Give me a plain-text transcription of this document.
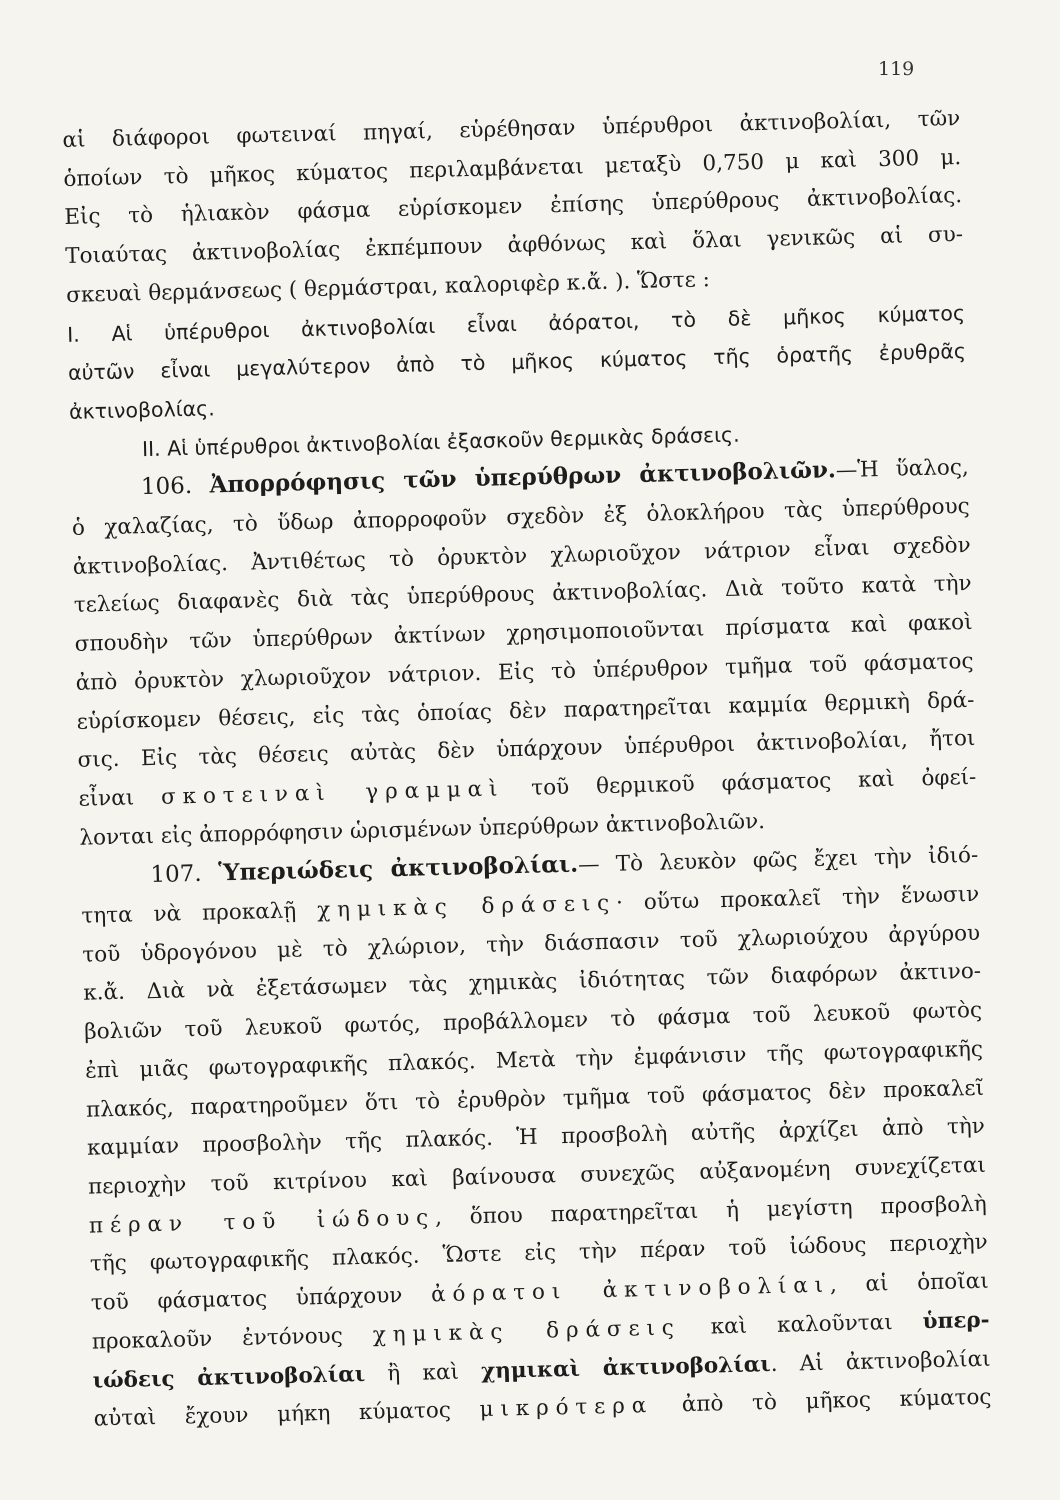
119
αἱ διάφοροι φωτειναί πηγαί, εὑρέθησαν ὑπέρυθροι ἀκτινοβολίαι, τῶν
ὁποίων τὸ μῆκος κύματος περιλαμβάνεται μεταξὺ 0,750 μ καὶ 300 μ.
Εἰς τὸ ἡλιακὸν φάσμα εὑρίσκομεν ἐπίσης ὑπερύθρους ἀκτινοβολίας.
Τοιαύτας ἀκτινοβολίας ἐκπέμπουν ἀφθόνως καὶ ὅλαι γενικῶς αἱ συ-
σκευαὶ θερμάνσεως ( θερμάστραι, καλοριφὲρ κ.ἄ. ). Ὥστε :
I. Αἱ ὑπέρυθροι ἀκτινοβολίαι εἶναι ἀόρατοι, τὸ δὲ μῆκος κύματος
αὐτῶν εἶναι μεγαλύτερον ἀπὸ τὸ μῆκος κύματος τῆς ὁρατῆς ἐρυθρᾶς
ἀκτινοβολίας.
II. Αἱ ὑπέρυθροι ἀκτινοβολίαι ἐξασκοῦν θερμικὰς δράσεις.
106. Ἀπορρόφησις τῶν ὑπερύθρων ἀκτινοβολιῶν.—Ἡ ὕαλος,
ὁ χαλαζίας, τὸ ὕδωρ ἀπορροφοῦν σχεδὸν ἐξ ὁλοκλήρου τὰς ὑπερύθρους
ἀκτινοβολίας. Ἀντιθέτως τὸ ὀρυκτὸν χλωριοῦχον νάτριον εἶναι σχεδὸν
τελείως διαφανὲς διὰ τὰς ὑπερύθρους ἀκτινοβολίας. Διὰ τοῦτο κατὰ τὴν
σπουδὴν τῶν ὑπερύθρων ἀκτίνων χρησιμοποιοῦνται πρίσματα καὶ φακοὶ
ἀπὸ ὀρυκτὸν χλωριοῦχον νάτριον. Εἰς τὸ ὑπέρυθρον τμῆμα τοῦ φάσματος
εὑρίσκομεν θέσεις, εἰς τὰς ὁποίας δὲν παρατηρεῖται καμμία θερμικὴ δρά-
σις. Εἰς τὰς θέσεις αὐτὰς δὲν ὑπάρχουν ὑπέρυθροι ἀκτινοβολίαι, ἤτοι
εἶναι σκοτειναὶ γραμμαὶ τοῦ θερμικοῦ φάσματος καὶ ὀφεί-
λονται εἰς ἀπορρόφησιν ὡρισμένων ὑπερύθρων ἀκτινοβολιῶν.
107. Ὑπεριώδεις ἀκτινοβολίαι.— Τὸ λευκὸν φῶς ἔχει τὴν ἰδιό-
τητα νὰ προκαλῇ χημικὰς δράσεις· οὕτω προκαλεῖ τὴν ἕνωσιν
τοῦ ὑδρογόνου μὲ τὸ χλώριον, τὴν διάσπασιν τοῦ χλωριούχου ἀργύρου
κ.ἄ. Διὰ νὰ ἐξετάσωμεν τὰς χημικὰς ἰδιότητας τῶν διαφόρων ἀκτινο-
βολιῶν τοῦ λευκοῦ φωτός, προβάλλομεν τὸ φάσμα τοῦ λευκοῦ φωτὸς
ἐπὶ μιᾶς φωτογραφικῆς πλακός. Μετὰ τὴν ἐμφάνισιν τῆς φωτογραφικῆς
πλακός, παρατηροῦμεν ὅτι τὸ ἐρυθρὸν τμῆμα τοῦ φάσματος δὲν προκαλεῖ
καμμίαν προσβολὴν τῆς πλακός. Ἡ προσβολὴ αὐτῆς ἀρχίζει ἀπὸ τὴν
περιοχὴν τοῦ κιτρίνου καὶ βαίνουσα συνεχῶς αὐξανομένη συνεχίζεται
πέραν τοῦ ἰώδους, ὅπου παρατηρεῖται ἡ μεγίστη προσβολὴ
τῆς φωτογραφικῆς πλακός. Ὥστε εἰς τὴν πέραν τοῦ ἰώδους περιοχὴν
τοῦ φάσματος ὑπάρχουν ἀόρατοι ἀκτινοβολίαι, αἱ ὁποῖαι
προκαλοῦν ἐντόνους χημικὰς δράσεις καὶ καλοῦνται ὑπερ-
ιώδεις ἀκτινοβολίαι ἢ καὶ χημικαὶ ἀκτινοβολίαι. Αἱ ἀκτινοβολίαι
αὐταὶ ἔχουν μήκη κύματος μικρότερα ἀπὸ τὸ μῆκος κύματος
